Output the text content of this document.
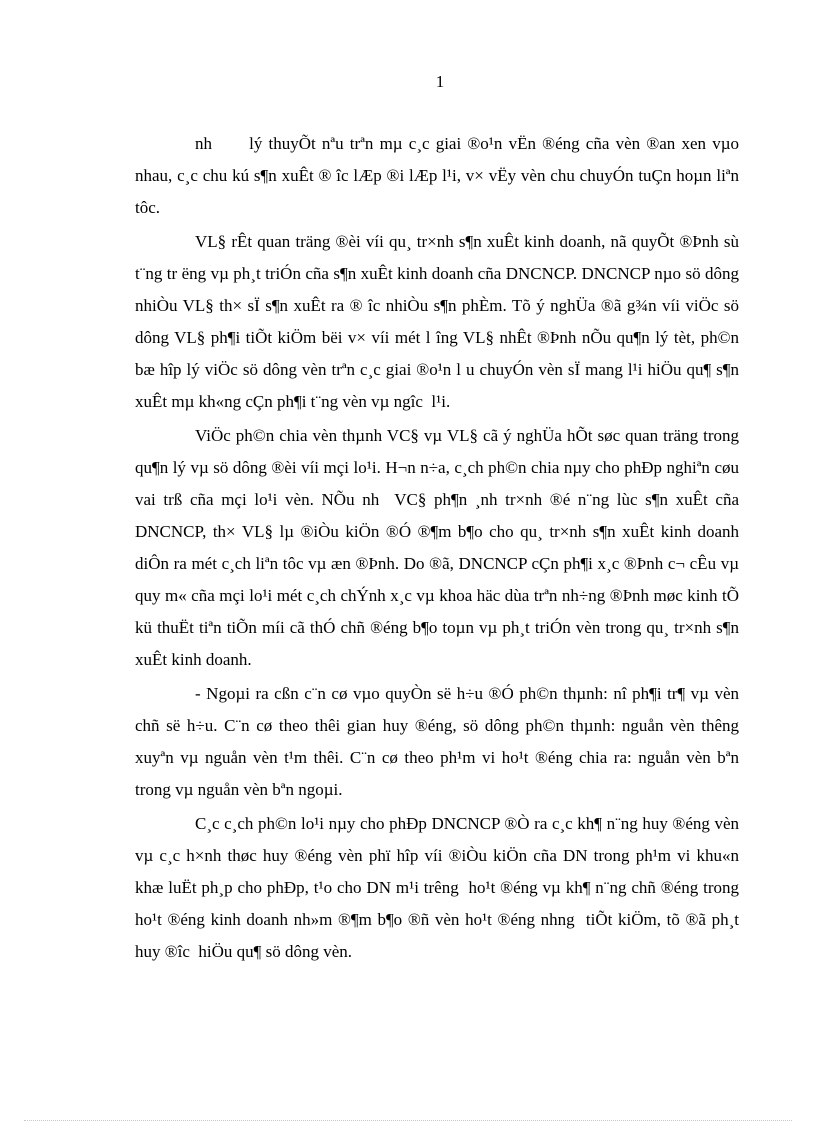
1

nh      lý thuyÕt nªu trªn mµ c¸c giai ®o¹n vËn ®éng cña vèn ®an xen vµo nhau, c¸c chu kú s¶n xuÊt ® îc lÆp ®i lÆp l¹i, v× vËy vèn chu chuyÓn tuÇn hoµn liªn tôc.

VL§ rÊt quan träng ®èi víi qu¸ tr×nh s¶n xuÊt kinh doanh, nã quyÕt ®Þnh sù t¨ng tr ëng vµ ph¸t triÓn cña s¶n xuÊt kinh doanh cña DNCNCP. DNCNCP nµo sö dông nhiÒu VL§ th× sÏ s¶n xuÊt ra ® îc nhiÒu s¶n phÈm. Tõ ý nghÜa ®ã g¾n víi viÖc sö dông VL§ ph¶i tiÕt kiÖm bëi v× víi mét l îng VL§ nhÊt ®Þnh nÕu qu¶n lý tèt, ph©n bæ hîp lý viÖc sö dông vèn trªn c¸c giai ®o¹n l u chuyÓn vèn sÏ mang l¹i hiÖu qu¶ s¶n xuÊt mµ kh«ng cÇn ph¶i t¨ng vèn vµ ngîc  l¹i.

ViÖc ph©n chia vèn thµnh VC§ vµ VL§ cã ý nghÜa hÕt søc quan träng trong qu¶n lý vµ sö dông ®èi víi mçi lo¹i. H¬n n÷a, c¸ch ph©n chia nµy cho phÐp nghiªn cøu vai trß cña mçi lo¹i vèn. NÕu nh  VC§ ph¶n ¸nh tr×nh ®é n¨ng lùc s¶n xuÊt cña DNCNCP, th× VL§ lµ ®iÒu kiÖn ®Ó ®¶m b¶o cho qu¸ tr×nh s¶n xuÊt kinh doanh diÔn ra mét c¸ch liªn tôc vµ æn ®Þnh. Do ®ã, DNCNCP cÇn ph¶i x¸c ®Þnh c¬ cÊu vµ quy m« cña mçi lo¹i mét c¸ch chÝnh x¸c vµ khoa häc dùa trªn nh÷ng ®Þnh møc kinh tÕ kü thuËt tiªn tiÕn míi cã thÓ chñ ®éng b¶o toµn vµ ph¸t triÓn vèn trong qu¸ tr×nh s¶n xuÊt kinh doanh.

- Ngoµi ra cßn c¨n cø vµo quyÒn së h÷u ®Ó ph©n thµnh: nî ph¶i tr¶ vµ vèn chñ së h÷u. C¨n cø theo thêi gian huy ®éng, sö dông ph©n thµnh: nguån vèn thêng  xuyªn vµ nguån vèn t¹m thêi. C¨n cø theo ph¹m vi ho¹t ®éng chia ra: nguån vèn bªn trong vµ nguån vèn bªn ngoµi.

C¸c c¸ch ph©n lo¹i nµy cho phÐp DNCNCP ®Ò ra c¸c kh¶ n¨ng huy ®éng vèn vµ c¸c h×nh thøc huy ®éng vèn phï hîp víi ®iÒu kiÖn cña DN trong ph¹m vi khu«n khæ luËt ph¸p cho phÐp, t¹o cho DN m¹i trêng  ho¹t ®éng vµ kh¶ n¨ng chñ ®éng trong ho¹t ®éng kinh doanh nh»m ®¶m b¶o ®ñ vèn ho¹t ®éng nhng  tiÕt kiÖm, tõ ®ã ph¸t huy ®îc  hiÖu qu¶ sö dông vèn.
